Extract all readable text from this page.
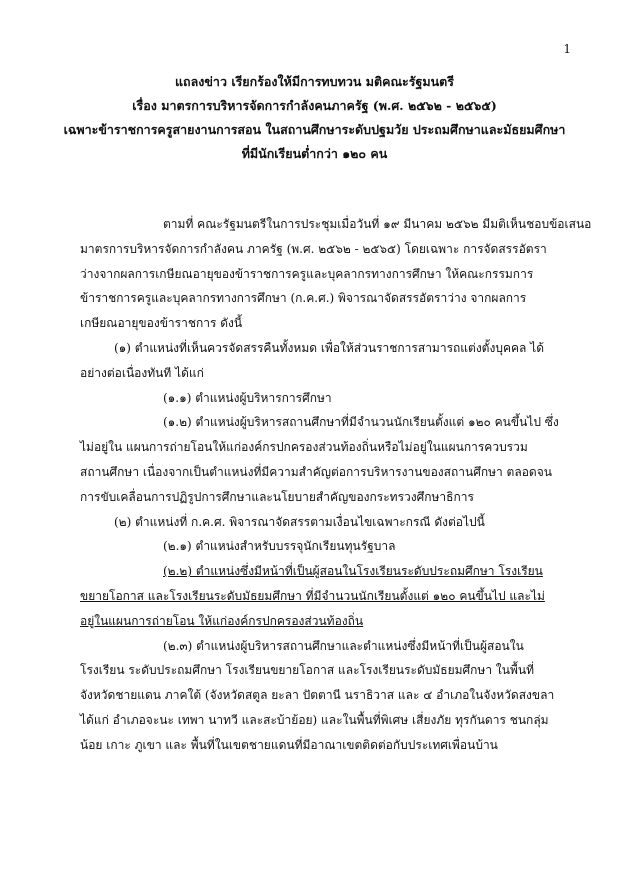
1
แถลงข่าว เรียกร้องให้มีการทบทวน มติคณะรัฐมนตรี
เรื่อง มาตรการบริหารจัดการกำลังคนภาครัฐ (พ.ศ. ๒๕๖๒ - ๒๕๖๕)
เฉพาะข้าราชการครูสายงานการสอน ในสถานศึกษาระดับปฐมวัย ประถมศึกษาและมัธยมศึกษา
ที่มีนักเรียนต่ำกว่า ๑๒๐ คน

ตามที่ คณะรัฐมนตรีในการประชุมเมื่อวันที่ ๑๙ มีนาคม ๒๕๖๒ มีมติเห็นชอบข้อเสนอ

มาตรการบริหารจัดการกำลังคน ภาครัฐ (พ.ศ. ๒๕๖๒ - ๒๕๖๕) โดยเฉพาะ การจัดสรรอัตรา

ว่างจากผลการเกษียณอายุของข้าราชการครูและบุคลากรทางการศึกษา ให้คณะกรรมการ

ข้าราชการครูและบุคลากรทางการศึกษา (ก.ค.ศ.) พิจารณาจัดสรรอัตราว่าง จากผลการ

เกษียณอายุของข้าราชการ ดังนี้

(๑) ตำแหน่งที่เห็นควรจัดสรรคืนทั้งหมด เพื่อให้ส่วนราชการสามารถแต่งตั้งบุคคล ได้

อย่างต่อเนื่องทันที ได้แก่

(๑.๑) ตำแหน่งผู้บริหารการศึกษา

(๑.๒) ตำแหน่งผู้บริหารสถานศึกษาที่มีจำนวนนักเรียนตั้งแต่ ๑๒๐ คนขึ้นไป ซึ่ง

ไม่อยู่ใน แผนการถ่ายโอนให้แก่องค์กรปกครองส่วนท้องถิ่นหรือไม่อยู่ในแผนการควบรวม

สถานศึกษา เนื่องจากเป็นตำแหน่งที่มีความสำคัญต่อการบริหารงานของสถานศึกษา ตลอดจน

การขับเคลื่อนการปฏิรูปการศึกษาและนโยบายสำคัญของกระทรวงศึกษาธิการ

(๒) ตำแหน่งที่ ก.ค.ศ. พิจารณาจัดสรรตามเงื่อนไขเฉพาะกรณี ดังต่อไปนี้

(๒.๑) ตำแหน่งสำหรับบรรจุนักเรียนทุนรัฐบาล

(๒.๒) ตำแหน่งซึ่งมีหน้าที่เป็นผู้สอนในโรงเรียนระดับประถมศึกษา โรงเรียน

ขยายโอกาส และโรงเรียนระดับมัธยมศึกษา ที่มีจำนวนนักเรียนตั้งแต่ ๑๒๐ คนขึ้นไป และไม่

อยู่ในแผนการถ่ายโอน ให้แก่องค์กรปกครองส่วนท้องถิ่น

(๒.๓) ตำแหน่งผู้บริหารสถานศึกษาและตำแหน่งซึ่งมีหน้าที่เป็นผู้สอนใน

โรงเรียน ระดับประถมศึกษา โรงเรียนขยายโอกาส และโรงเรียนระดับมัธยมศึกษา ในพื้นที่

จังหวัดชายแดน ภาคใต้ (จังหวัดสตูล ยะลา ปัตตานี นราธิวาส และ ๔ อำเภอในจังหวัดสงขลา

ได้แก่ อำเภอจะนะ เทพา นาทวี และสะบ้าย้อย) และในพื้นที่พิเศษ เสี่ยงภัย ทุรกันดาร ชนกลุ่ม

น้อย เกาะ ภูเขา และ พื้นที่ในเขตชายแดนที่มีอาณาเขตติดต่อกับประเทศเพื่อนบ้าน
